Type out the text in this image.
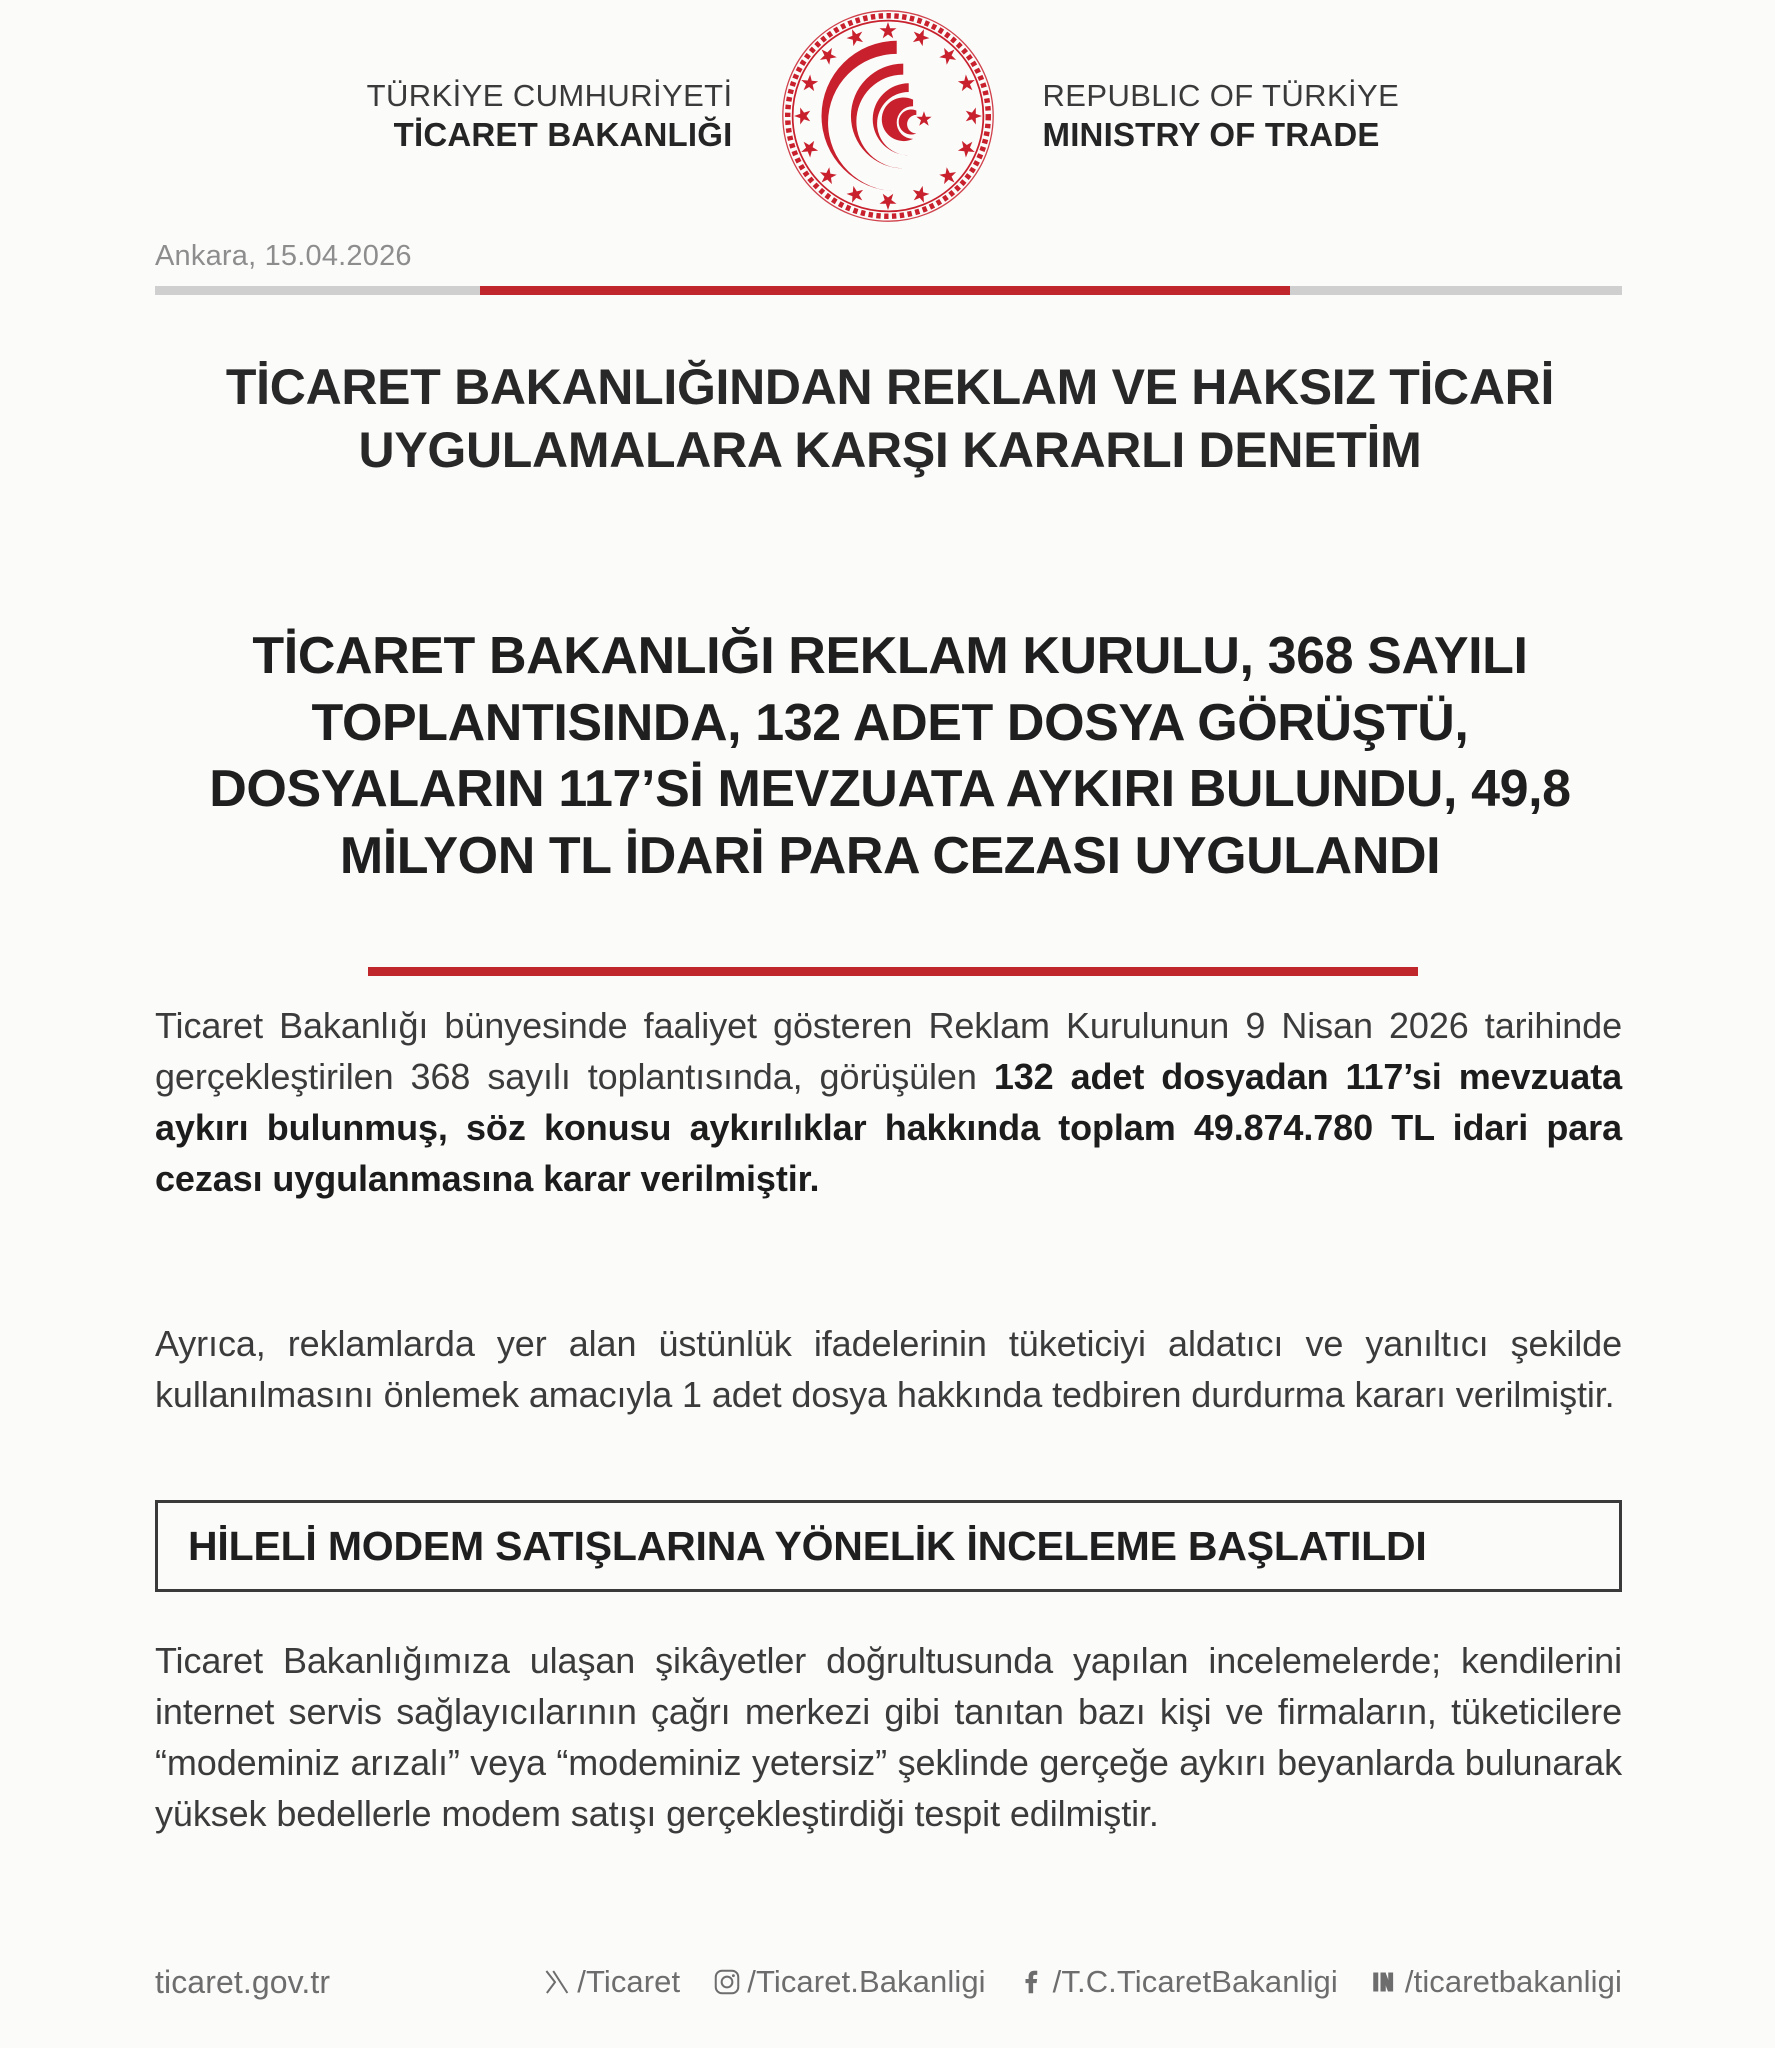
TÜRKİYE CUMHURİYETİ
TİCARET BAKANLIĞI
REPUBLIC OF TÜRKİYE
MINISTRY OF TRADE
Ankara, 15.04.2026
TİCARET BAKANLIĞINDAN REKLAM VE HAKSIZ TİCARİ UYGULAMALARA KARŞI KARARLI DENETİM
TİCARET BAKANLIĞI REKLAM KURULU, 368 SAYILI TOPLANTISINDA, 132 ADET DOSYA GÖRÜŞTÜ, DOSYALARIN 117’Sİ MEVZUATA AYKIRI BULUNDU, 49,8 MİLYON TL İDARİ PARA CEZASI UYGULANDI

Ticaret Bakanlığı bünyesinde faaliyet gösteren Reklam Kurulunun 9 Nisan 2026 tarihinde gerçekleştirilen 368 sayılı toplantısında, görüşülen 132 adet dosyadan 117’si mevzuata aykırı bulunmuş, söz konusu aykırılıklar hakkında toplam 49.874.780 TL idari para cezası uygulanmasına karar verilmiştir.

Ayrıca, reklamlarda yer alan üstünlük ifadelerinin tüketiciyi aldatıcı ve yanıltıcı şekilde kullanılmasını önlemek amacıyla 1 adet dosya hakkında tedbiren durdurma kararı verilmiştir.

HİLELİ MODEM SATIŞLARINA YÖNELİK İNCELEME BAŞLATILDI

Ticaret Bakanlığımıza ulaşan şikâyetler doğrultusunda yapılan incelemelerde; kendilerini internet servis sağlayıcılarının çağrı merkezi gibi tanıtan bazı kişi ve firmaların, tüketicilere “modeminiz arızalı” veya “modeminiz yetersiz” şeklinde gerçeğe aykırı beyanlarda bulunarak yüksek bedellerle modem satışı gerçekleştirdiği tespit edilmiştir.

ticaret.gov.tr	/Ticaret /Ticaret.Bakanligi /T.C.TicaretBakanligi /ticaretbakanligi
